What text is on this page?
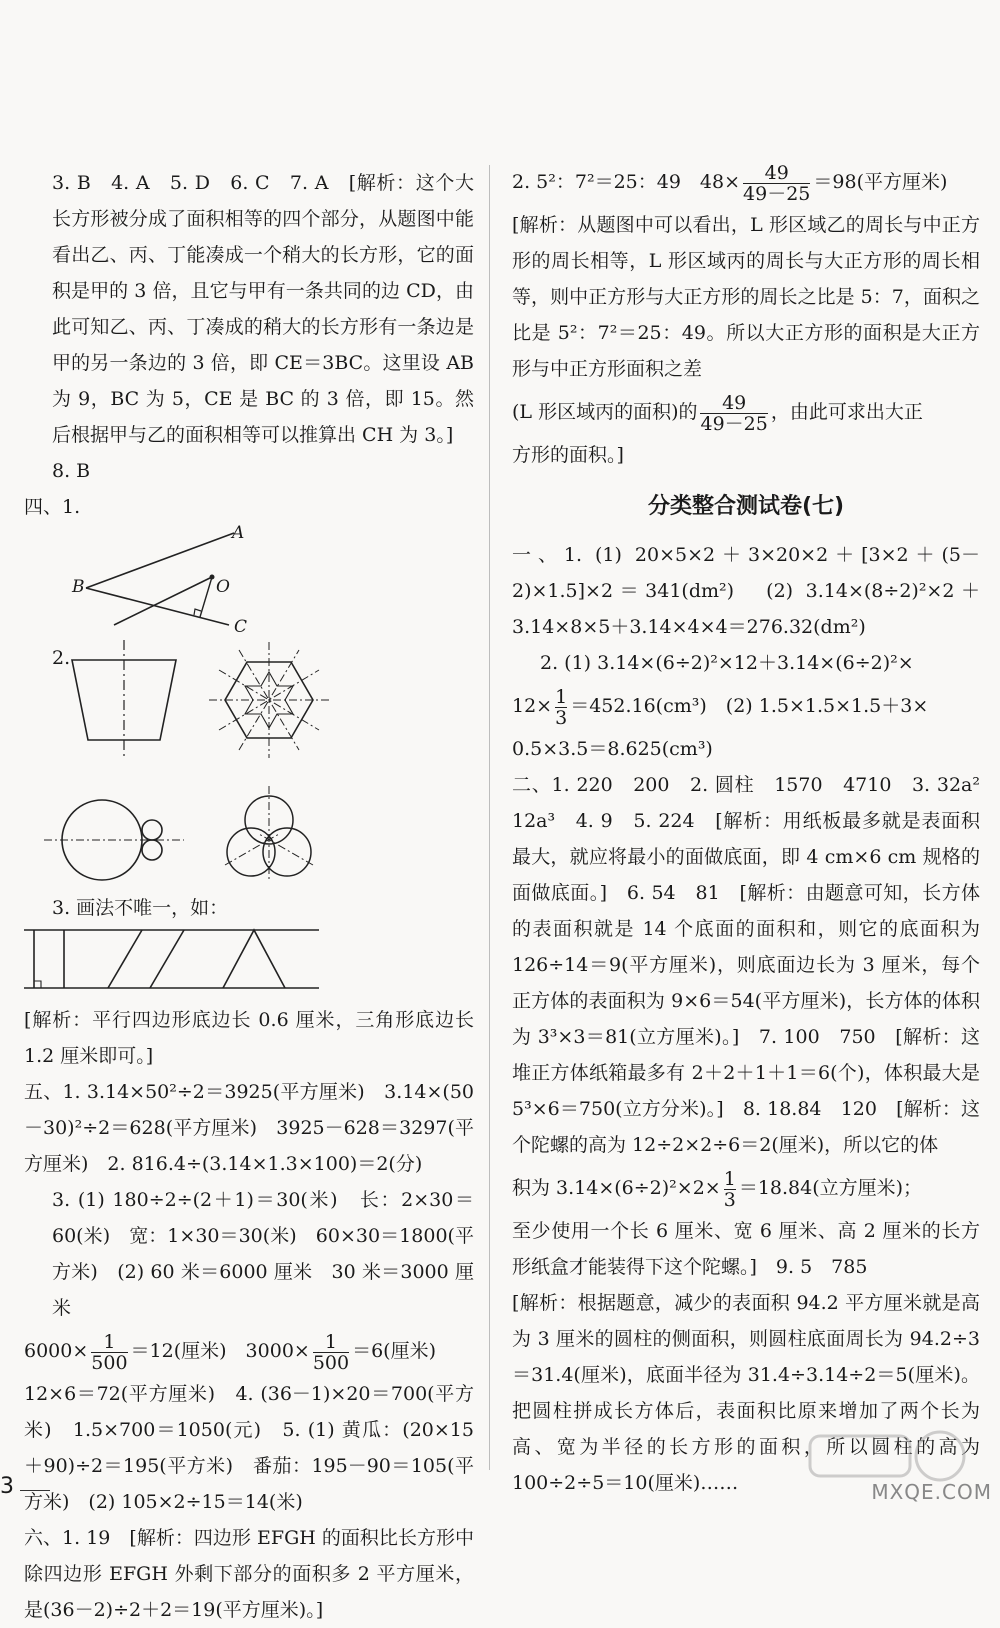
3. B　4. A　5. D　6. C　7. A　[解析：这个大长方形被分成了面积相等的四个部分，从题图中能看出乙、丙、丁能凑成一个稍大的长方形，它的面积是甲的 3 倍，且它与甲有一条共同的边 CD，由此可知乙、丙、丁凑成的稍大的长方形有一条边是甲的另一条边的 3 倍，即 CE＝3BC。这里设 AB 为 9，BC 为 5，CE 是 BC 的 3 倍，即 15。然后根据甲与乙的面积相等可以推算出 CH 为 3。]

8. B

四、1.

A
B	O
C

2.

3. 画法不唯一，如：

[解析：平行四边形底边长 0.6 厘米，三角形底边长 1.2 厘米即可。]

五、1. 3.14×50²÷2＝3925(平方厘米)　3.14×(50－30)²÷2＝628(平方厘米)　3925－628＝3297(平方厘米)　2. 816.4÷(3.14×1.3×100)＝2(分)

3. (1) 180÷2÷(2＋1)＝30(米)　长：2×30＝60(米)　宽：1×30＝30(米)　60×30＝1800(平方米)　(2) 60 米＝6000 厘米　30 米＝3000 厘米

$6000\times \frac{1}{500} =12$(厘米)　$3000\times \frac{1}{500} =6$(厘米)

12×6＝72(平方厘米)　4. (36－1)×20＝700(平方米)　1.5×700＝1050(元)　5. (1) 黄瓜：(20×15＋90)÷2＝195(平方米)　番茄：195－90＝105(平方米)　(2) 105×2÷15＝14(米)

六、1. 19　[解析：四边形 EFGH 的面积比长方形中除四边形 EFGH 外剩下部分的面积多 2 平方厘米，是(36－2)÷2＋2＝19(平方厘米)。]

2. 5²：7²＝25：49　$48\times \frac{49}{49-25} =98$(平方厘米)

[解析：从题图中可以看出，L 形区域乙的周长与中正方形的周长相等，L 形区域丙的周长与大正方形的周长相等，则中正方形与大正方形的周长之比是 5：7，面积之比是 5²：7²＝25：49。所以大正方形的面积是大正方形与中正方形面积之差

(L 形区域丙的面积)的 $\frac{49}{49-25}$ ，由此可求出大正

方形的面积。]

分类整合测试卷(七)

一、1. (1) 20×5×2＋3×20×2＋[3×2＋(5－2)×1.5]×2＝341(dm²)　(2) 3.14×(8÷2)²×2＋3.14×8×5＋3.14×4×4＝276.32(dm²)

2. (1) 3.14×(6÷2)²×12＋3.14×(6÷2)²×

$12\times \frac{1}{3} =452.16(cm^3)$　(2) 1.5×1.5×1.5＋3×

0.5×3.5＝8.625(cm³)

二、1. 220　200　2. 圆柱　1570　4710　3. 32a²　12a³　4. 9　5. 224　[解析：用纸板最多就是表面积最大，就应将最小的面做底面，即 4 cm×6 cm 规格的面做底面。]　6. 54　81　[解析：由题意可知，长方体的表面积就是 14 个底面的面积和，则它的底面积为 126÷14＝9(平方厘米)，则底面边长为 3 厘米，每个正方体的表面积为 9×6＝54(平方厘米)，长方体的体积为 3³×3＝81(立方厘米)。]　7. 100　750　[解析：这堆正方体纸箱最多有 2＋2＋1＋1＝6(个)，体积最大是 5³×6＝750(立方分米)。]　8. 18.84　120　[解析：这个陀螺的高为 12÷2×2÷6＝2(厘米)，所以它的体

积为 $3.14\times(6\div 2)^2\times 2\times \frac{1}{3} =18.84$(立方厘米)；

至少使用一个长 6 厘米、宽 6 厘米、高 2 厘米的长方形纸盒才能装得下这个陀螺。]　9. 5　785

[解析：根据题意，减少的表面积 94.2 平方厘米就是高为 3 厘米的圆柱的侧面积，则圆柱底面周长为 94.2÷3＝31.4(厘米)，底面半径为 31.4÷3.14÷2＝5(厘米)。把圆柱拼成长方体后，表面积比原来增加了两个长为高、宽为半径的长方形的面积，所以圆柱的高为 100÷2÷5＝10(厘米)……

3	MXQE.COM
